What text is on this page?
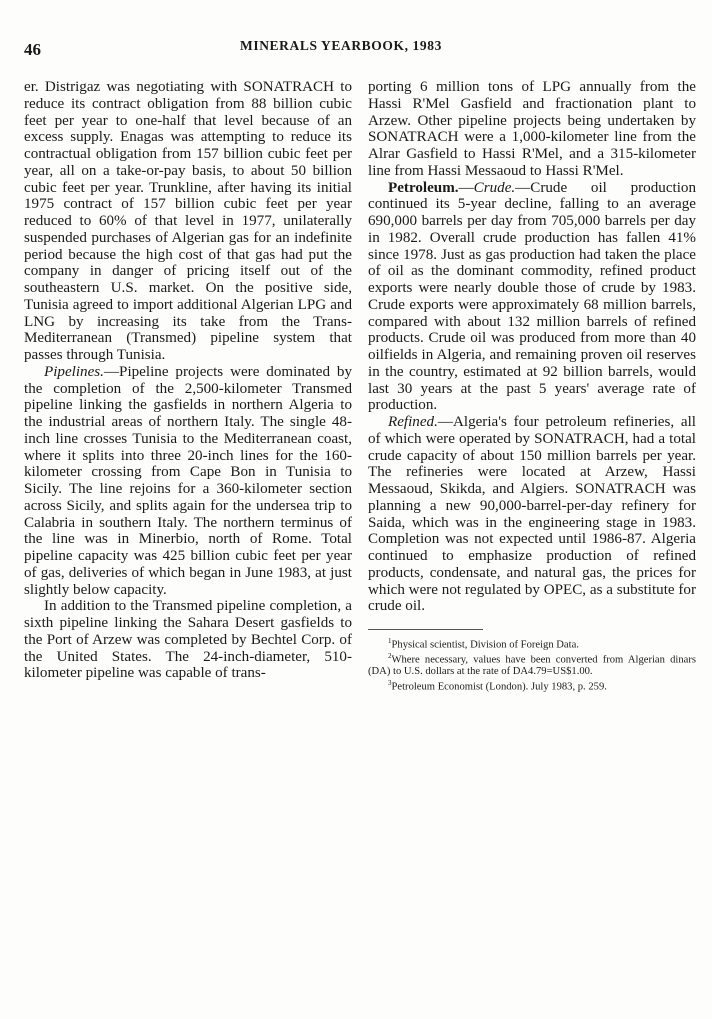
46	MINERALS YEARBOOK, 1983

er. Distrigaz was negotiating with SONATRACH to reduce its contract obligation from 88 billion cubic feet per year to one-half that level because of an excess supply. Enagas was attempting to reduce its contractual obligation from 157 billion cubic feet per year, all on a take-or-pay basis, to about 50 billion cubic feet per year. Trunkline, after having its initial 1975 contract of 157 billion cubic feet per year reduced to 60% of that level in 1977, unilaterally suspended purchases of Algerian gas for an indefinite period because the high cost of that gas had put the company in danger of pricing itself out of the southeastern U.S. market. On the positive side, Tunisia agreed to import additional Algerian LPG and LNG by increasing its take from the Trans-Mediterranean (Transmed) pipeline system that passes through Tunisia.

Pipelines.—Pipeline projects were dominated by the completion of the 2,500-kilometer Transmed pipeline linking the gasfields in northern Algeria to the industrial areas of northern Italy. The single 48-inch line crosses Tunisia to the Mediterranean coast, where it splits into three 20-inch lines for the 160-kilometer crossing from Cape Bon in Tunisia to Sicily. The line rejoins for a 360-kilometer section across Sicily, and splits again for the undersea trip to Calabria in southern Italy. The northern terminus of the line was in Minerbio, north of Rome. Total pipeline capacity was 425 billion cubic feet per year of gas, deliveries of which began in June 1983, at just slightly below capacity.

In addition to the Transmed pipeline completion, a sixth pipeline linking the Sahara Desert gasfields to the Port of Arzew was completed by Bechtel Corp. of the United States. The 24-inch-diameter, 510-kilometer pipeline was capable of trans-

porting 6 million tons of LPG annually from the Hassi R'Mel Gasfield and fractionation plant to Arzew. Other pipeline projects being undertaken by SONATRACH were a 1,000-kilometer line from the Alrar Gasfield to Hassi R'Mel, and a 315-kilometer line from Hassi Messaoud to Hassi R'Mel.

Petroleum.—Crude.—Crude oil production continued its 5-year decline, falling to an average 690,000 barrels per day from 705,000 barrels per day in 1982. Overall crude production has fallen 41% since 1978. Just as gas production had taken the place of oil as the dominant commodity, refined product exports were nearly double those of crude by 1983. Crude exports were approximately 68 million barrels, compared with about 132 million barrels of refined products. Crude oil was produced from more than 40 oilfields in Algeria, and remaining proven oil reserves in the country, estimated at 92 billion barrels, would last 30 years at the past 5 years' average rate of production.

Refined.—Algeria's four petroleum refineries, all of which were operated by SONATRACH, had a total crude capacity of about 150 million barrels per year. The refineries were located at Arzew, Hassi Messaoud, Skikda, and Algiers. SONATRACH was planning a new 90,000-barrel-per-day refinery for Saida, which was in the engineering stage in 1983. Completion was not expected until 1986-87. Algeria continued to emphasize production of refined products, condensate, and natural gas, the prices for which were not regulated by OPEC, as a substitute for crude oil.

$^1$Physical scientist, Division of Foreign Data.

$^2$Where necessary, values have been converted from Algerian dinars (DA) to U.S. dollars at the rate of DA4.79=US$1.00.

$^3$Petroleum Economist (London). July 1983, p. 259.
